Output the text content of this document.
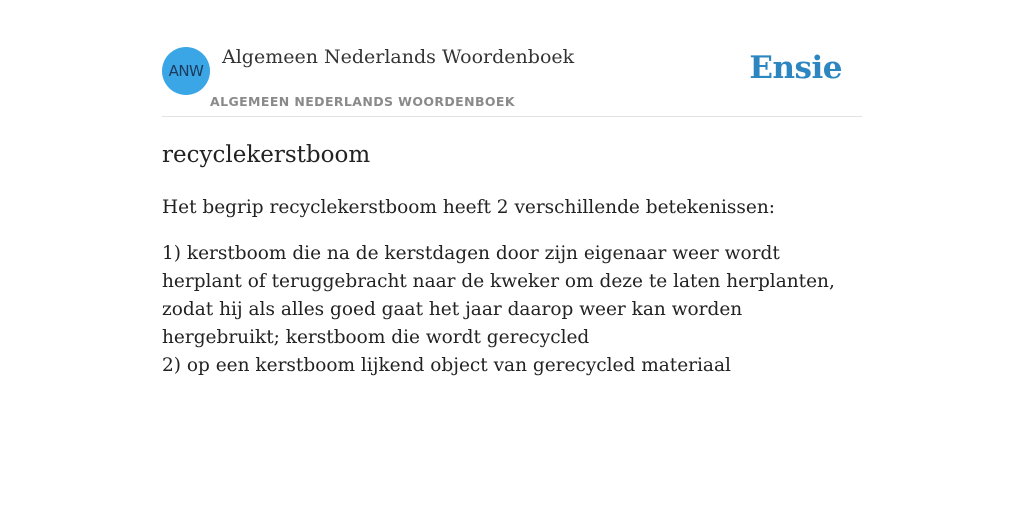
ANW
Algemeen Nederlands Woordenboek
ALGEMEEN NEDERLANDS WOORDENBOEK
Ensie
recyclekerstboom

Het begrip recyclekerstboom heeft 2 verschillende betekenissen:

1) kerstboom die na de kerstdagen door zijn eigenaar weer wordt herplant of teruggebracht naar de kweker om deze te laten herplanten, zodat hij als alles goed gaat het jaar daarop weer kan worden hergebruikt; kerstboom die wordt gerecycled

2) op een kerstboom lijkend object van gerecycled materiaal
